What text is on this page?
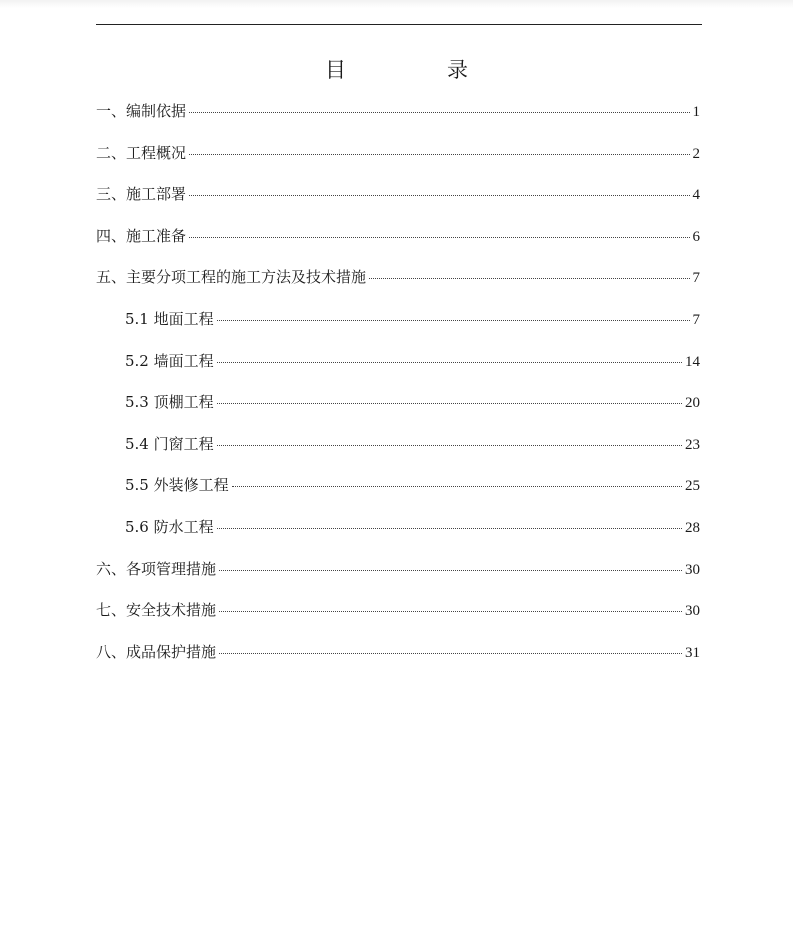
目　录
一、编制依据	1
二、工程概况	2
三、施工部署	4
四、施工准备	6
五、主要分项工程的施工方法及技术措施	7
5.1 地面工程	7
5.2 墙面工程	14
5.3 顶棚工程	20
5.4 门窗工程	23
5.5 外装修工程	25
5.6 防水工程	28
六、各项管理措施	30
七、安全技术措施	30
八、成品保护措施	31
